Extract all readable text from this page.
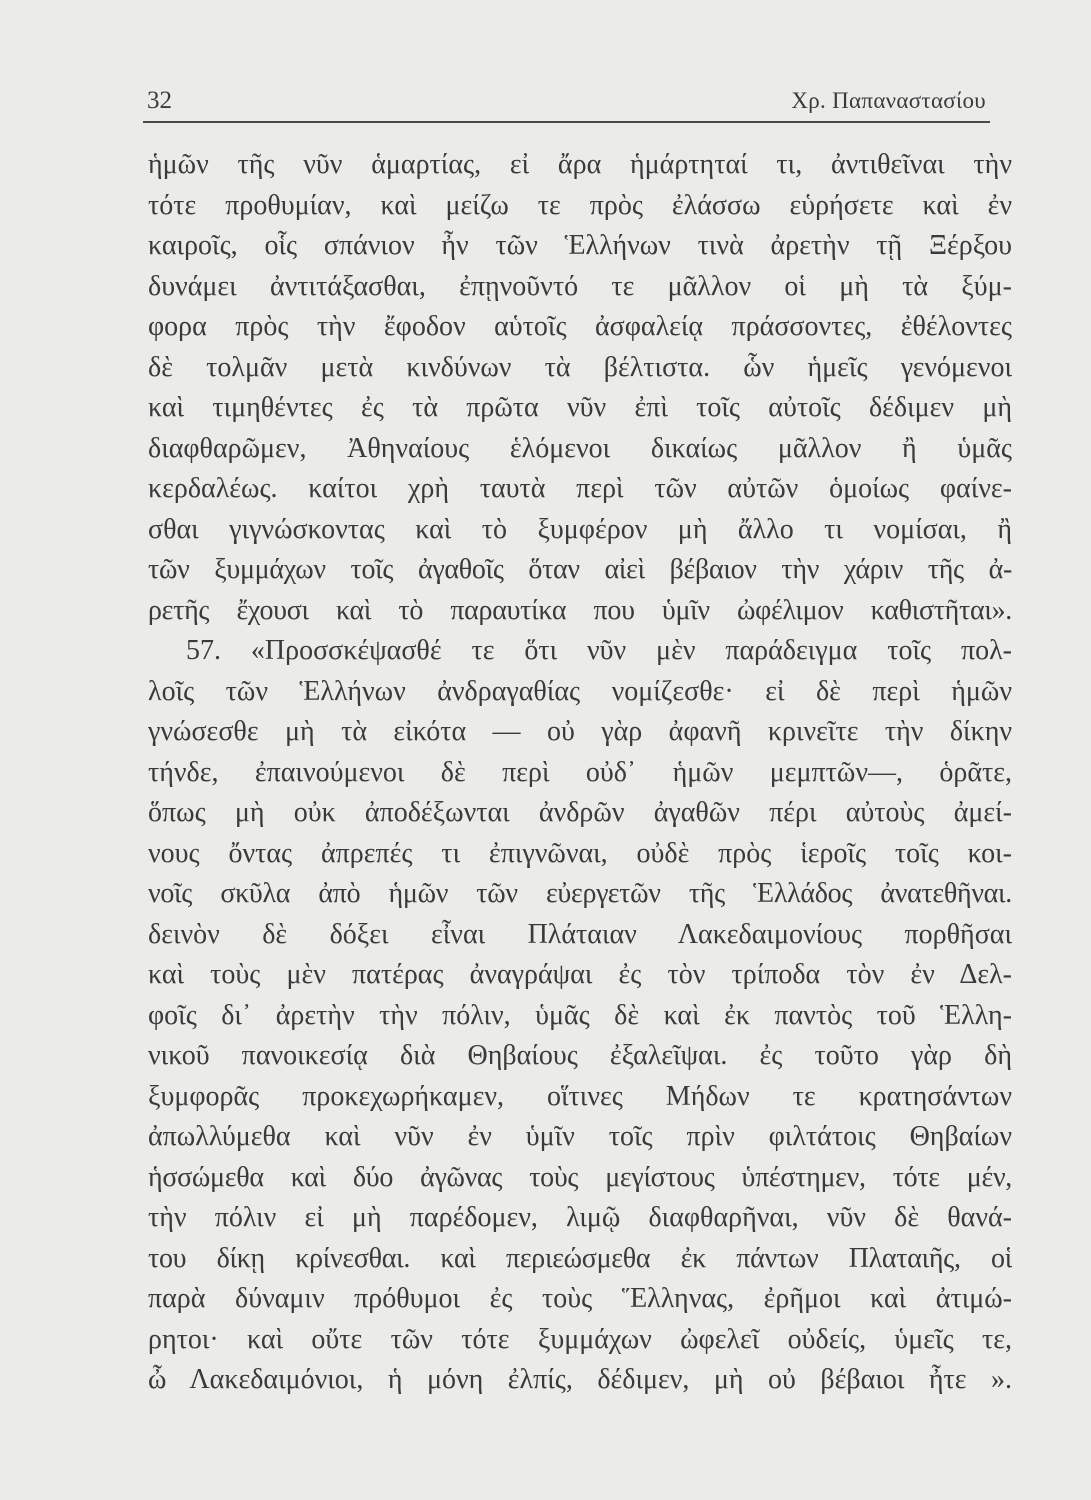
32	Χρ. Παπαναστασίου
ἡμῶν τῆς νῦν ἁμαρτίας, εἰ ἄρα ἡμάρτηταί τι, ἀντιθεῖναι τὴν
τότε προθυμίαν, καὶ μείζω τε πρὸς ἐλάσσω εὑρήσετε καὶ ἐν
καιροῖς, οἷς σπάνιον ἦν τῶν Ἑλλήνων τινὰ ἀρετὴν τῇ Ξέρξου
δυνάμει ἀντιτάξασθαι, ἐπῃνοῦντό τε μᾶλλον οἱ μὴ τὰ ξύμ-
φορα πρὸς τὴν ἔφοδον αὑτοῖς ἀσφαλείᾳ πράσσοντες, ἐθέλοντες
δὲ τολμᾶν μετὰ κινδύνων τὰ βέλτιστα. ὧν ἡμεῖς γενόμενοι
καὶ τιμηθέντες ἐς τὰ πρῶτα νῦν ἐπὶ τοῖς αὐτοῖς δέδιμεν μὴ
διαφθαρῶμεν, Ἀθηναίους ἑλόμενοι δικαίως μᾶλλον ἢ ὑμᾶς
κερδαλέως. καίτοι χρὴ ταυτὰ περὶ τῶν αὐτῶν ὁμοίως φαίνε-
σθαι γιγνώσκοντας καὶ τὸ ξυμφέρον μὴ ἄλλο τι νομίσαι, ἢ
τῶν ξυμμάχων τοῖς ἀγαθοῖς ὅταν αἰεὶ βέβαιον τὴν χάριν τῆς ἀ-
ρετῆς ἔχουσι καὶ τὸ παραυτίκα που ὑμῖν ὠφέλιμον καθιστῆται».
57. «Προσσκέψασθέ τε ὅτι νῦν μὲν παράδειγμα τοῖς πολ-
λοῖς τῶν Ἑλλήνων ἀνδραγαθίας νομίζεσθε· εἰ δὲ περὶ ἡμῶν
γνώσεσθε μὴ τὰ εἰκότα — οὐ γὰρ ἀφανῆ κρινεῖτε τὴν δίκην
τήνδε, ἐπαινούμενοι δὲ περὶ οὐδ᾽ ἡμῶν μεμπτῶν—, ὁρᾶτε,
ὅπως μὴ οὐκ ἀποδέξωνται ἀνδρῶν ἀγαθῶν πέρι αὐτοὺς ἀμεί-
νους ὄντας ἀπρεπές τι ἐπιγνῶναι, οὐδὲ πρὸς ἱεροῖς τοῖς κοι-
νοῖς σκῦλα ἀπὸ ἡμῶν τῶν εὐεργετῶν τῆς Ἑλλάδος ἀνατεθῆναι.
δεινὸν δὲ δόξει εἶναι Πλάταιαν Λακεδαιμονίους πορθῆσαι
καὶ τοὺς μὲν πατέρας ἀναγράψαι ἐς τὸν τρίποδα τὸν ἐν Δελ-
φοῖς δι᾽ ἀρετὴν τὴν πόλιν, ὑμᾶς δὲ καὶ ἐκ παντὸς τοῦ Ἑλλη-
νικοῦ πανοικεσίᾳ διὰ Θηβαίους ἐξαλεῖψαι. ἐς τοῦτο γὰρ δὴ
ξυμφορᾶς προκεχωρήκαμεν, οἵτινες Μήδων τε κρατησάντων
ἀπωλλύμεθα καὶ νῦν ἐν ὑμῖν τοῖς πρὶν φιλτάτοις Θηβαίων
ἡσσώμεθα καὶ δύο ἀγῶνας τοὺς μεγίστους ὑπέστημεν, τότε μέν,
τὴν πόλιν εἰ μὴ παρέδομεν, λιμῷ διαφθαρῆναι, νῦν δὲ θανά-
του δίκῃ κρίνεσθαι. καὶ περιεώσμεθα ἐκ πάντων Πλαταιῆς, οἱ
παρὰ δύναμιν πρόθυμοι ἐς τοὺς Ἕλληνας, ἐρῆμοι καὶ ἀτιμώ-
ρητοι· καὶ οὔτε τῶν τότε ξυμμάχων ὠφελεῖ οὐδείς, ὑμεῖς τε,
ὦ Λακεδαιμόνιοι, ἡ μόνη ἐλπίς, δέδιμεν, μὴ οὐ βέβαιοι ἦτε ».
